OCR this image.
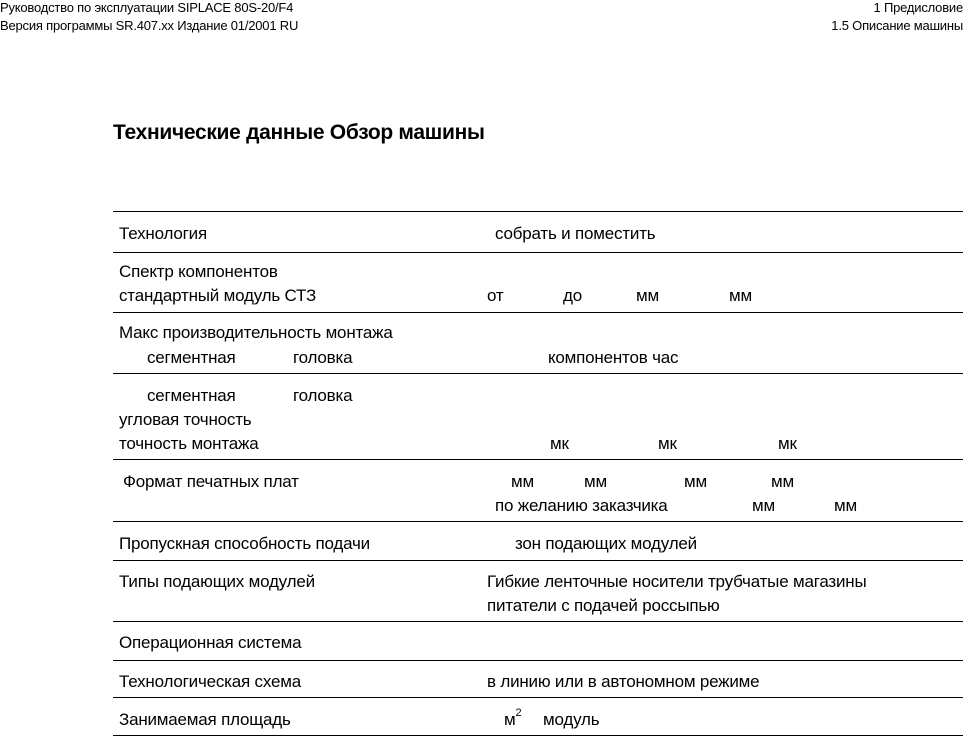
Руководство по эксплуатации SIPLACE 80S-20/F4
Версия программы SR.407.xx Издание 01/2001 RU
1 Предисловие
1.5 Описание машины
Технические данные Обзор машины
Технология	собрать и поместить
Спектр компонентов
стандартный модуль СТЗ	от	до	мм	мм
Макс производительность монтажа
сегментная	головка	компонентов час
сегментная	головка
угловая точность
точность монтажа	мк	мк	мк
Формат печатных плат	мм	мм	мм	мм
по желанию заказчика	мм	мм
Пропускная способность подачи	зон подающих модулей
Типы подающих модулей	Гибкие ленточные носители трубчатые магазины
питатели с подачей россыпью
Операционная система
Технологическая схема	в линию или в автономном режиме
Занимаемая площадь	$м^2$ модуль
